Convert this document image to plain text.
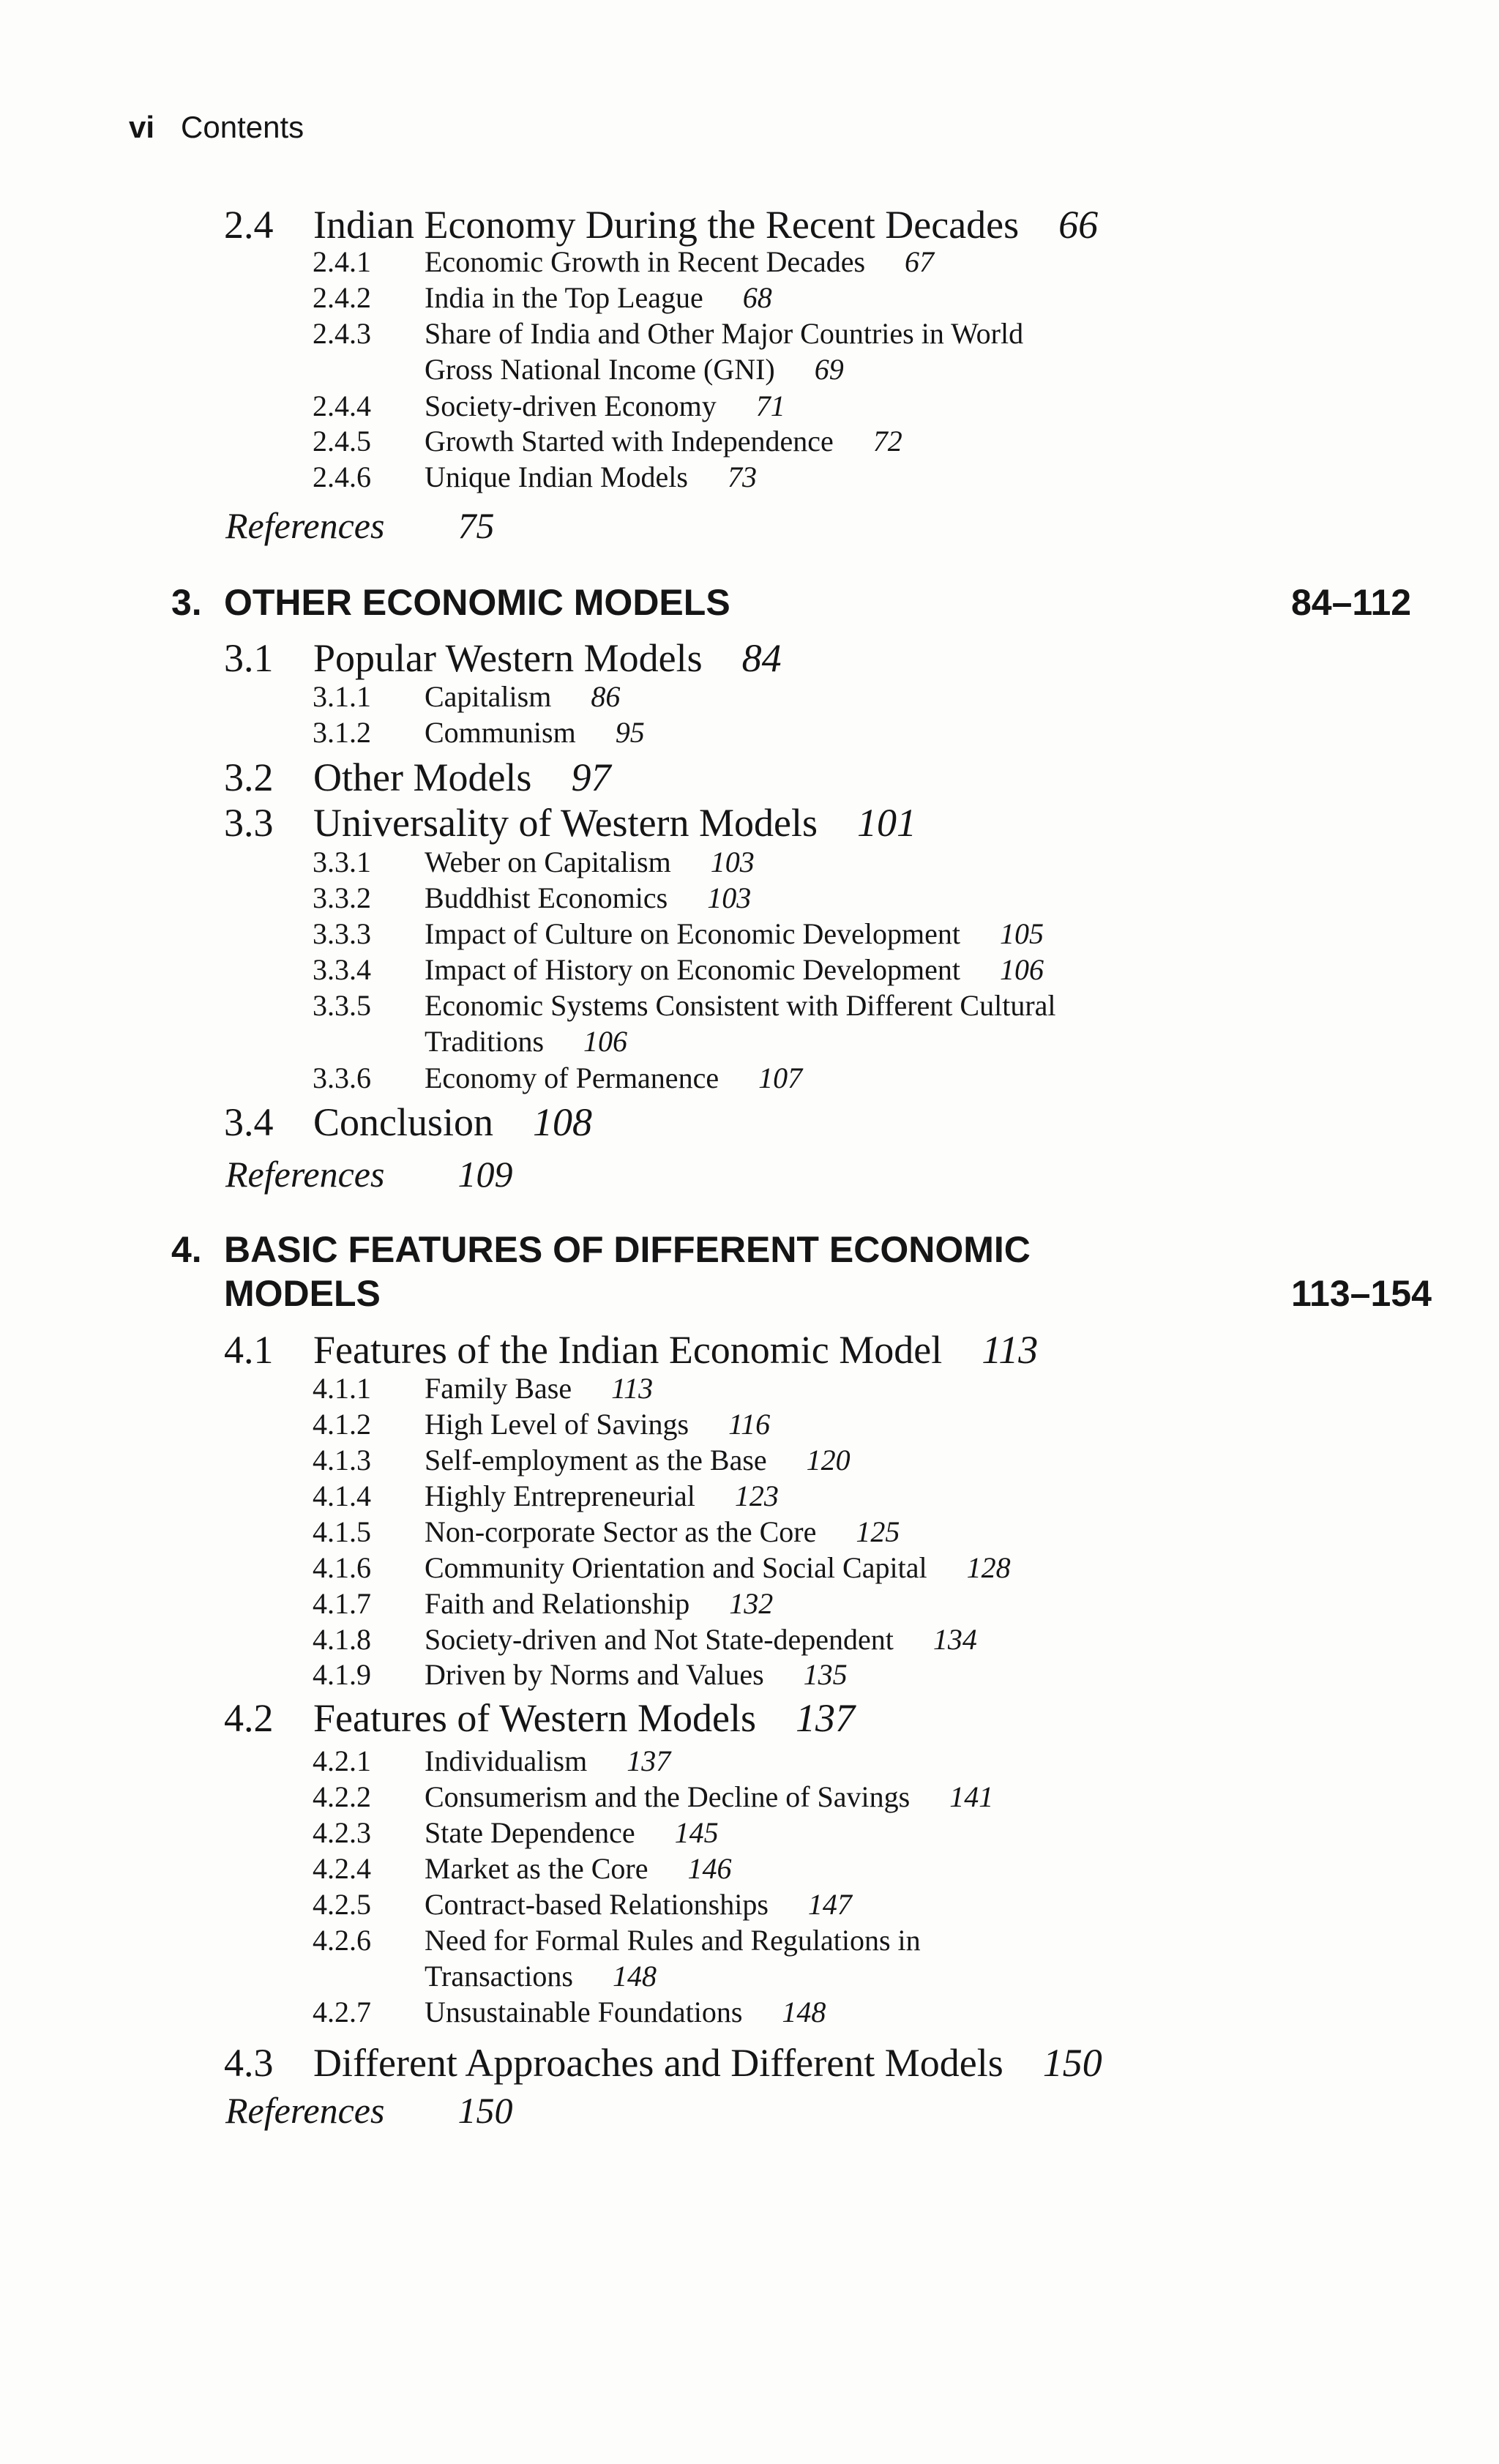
vi Contents
2.4 Indian Economy During the Recent Decades 66
2.4.1 Economic Growth in Recent Decades 67
2.4.2 India in the Top League 68
2.4.3 Share of India and Other Major Countries in World
Gross National Income (GNI) 69
2.4.4 Society-driven Economy 71
2.4.5 Growth Started with Independence 72
2.4.6 Unique Indian Models 73
References 75
84–112
3. OTHER ECONOMIC MODELS
3.1 Popular Western Models 84
3.1.1 Capitalism 86
3.1.2 Communism 95
3.2 Other Models 97
3.3 Universality of Western Models 101
3.3.1 Weber on Capitalism 103
3.3.2 Buddhist Economics 103
3.3.3 Impact of Culture on Economic Development 105
3.3.4 Impact of History on Economic Development 106
3.3.5 Economic Systems Consistent with Different Cultural
Traditions 106
3.3.6 Economy of Permanence 107
3.4 Conclusion 108
References 109
4. BASIC FEATURES OF DIFFERENT ECONOMIC
113–154
MODELS
4.1 Features of the Indian Economic Model 113
4.1.1 Family Base 113
4.1.2 High Level of Savings 116
4.1.3 Self-employment as the Base 120
4.1.4 Highly Entrepreneurial 123
4.1.5 Non-corporate Sector as the Core 125
4.1.6 Community Orientation and Social Capital 128
4.1.7 Faith and Relationship 132
4.1.8 Society-driven and Not State-dependent 134
4.1.9 Driven by Norms and Values 135
4.2 Features of Western Models 137
4.2.1 Individualism 137
4.2.2 Consumerism and the Decline of Savings 141
4.2.3 State Dependence 145
4.2.4 Market as the Core 146
4.2.5 Contract-based Relationships 147
4.2.6 Need for Formal Rules and Regulations in
Transactions 148
4.2.7 Unsustainable Foundations 148
4.3 Different Approaches and Different Models 150
References 150
